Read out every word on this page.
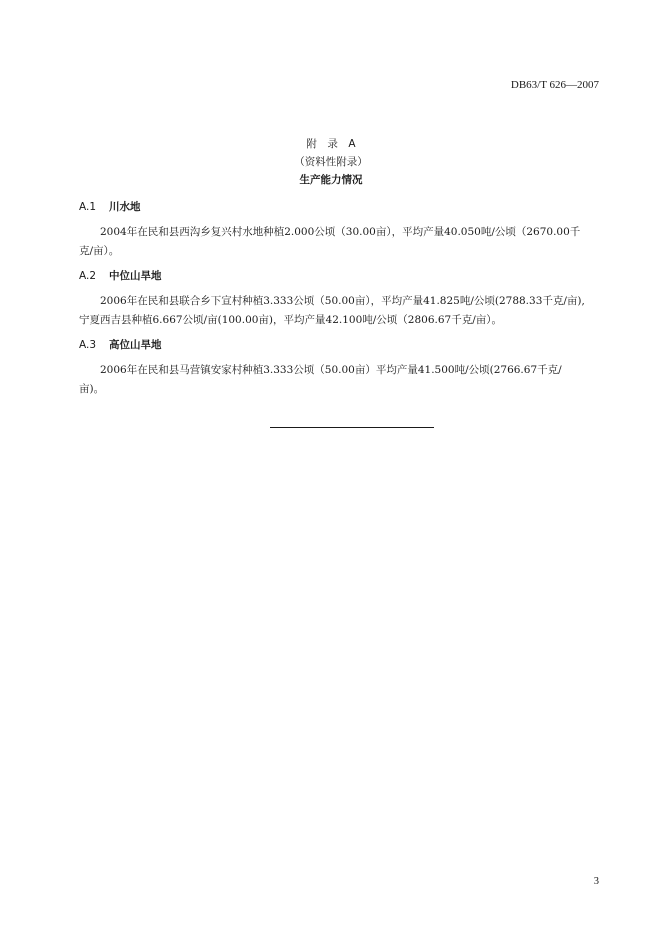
DB63/T 626—2007
附　录　A
（资料性附录）
生产能力情况
A.1 川水地
2004年在民和县西沟乡复兴村水地种植2.000公顷（30.00亩），平均产量40.050吨/公顷（2670.00千
克/亩）。
A.2 中位山旱地
2006年在民和县联合乡下宣村种植3.333公顷（50.00亩），平均产量41.825吨/公顷(2788.33千克/亩),
宁夏西吉县种植6.667公顷/亩(100.00亩)，平均产量42.100吨/公顷（2806.67千克/亩）。
A.3 高位山旱地
2006年在民和县马营镇安家村种植3.333公顷（50.00亩）平均产量41.500吨/公顷(2766.67千克/
亩)。
3
